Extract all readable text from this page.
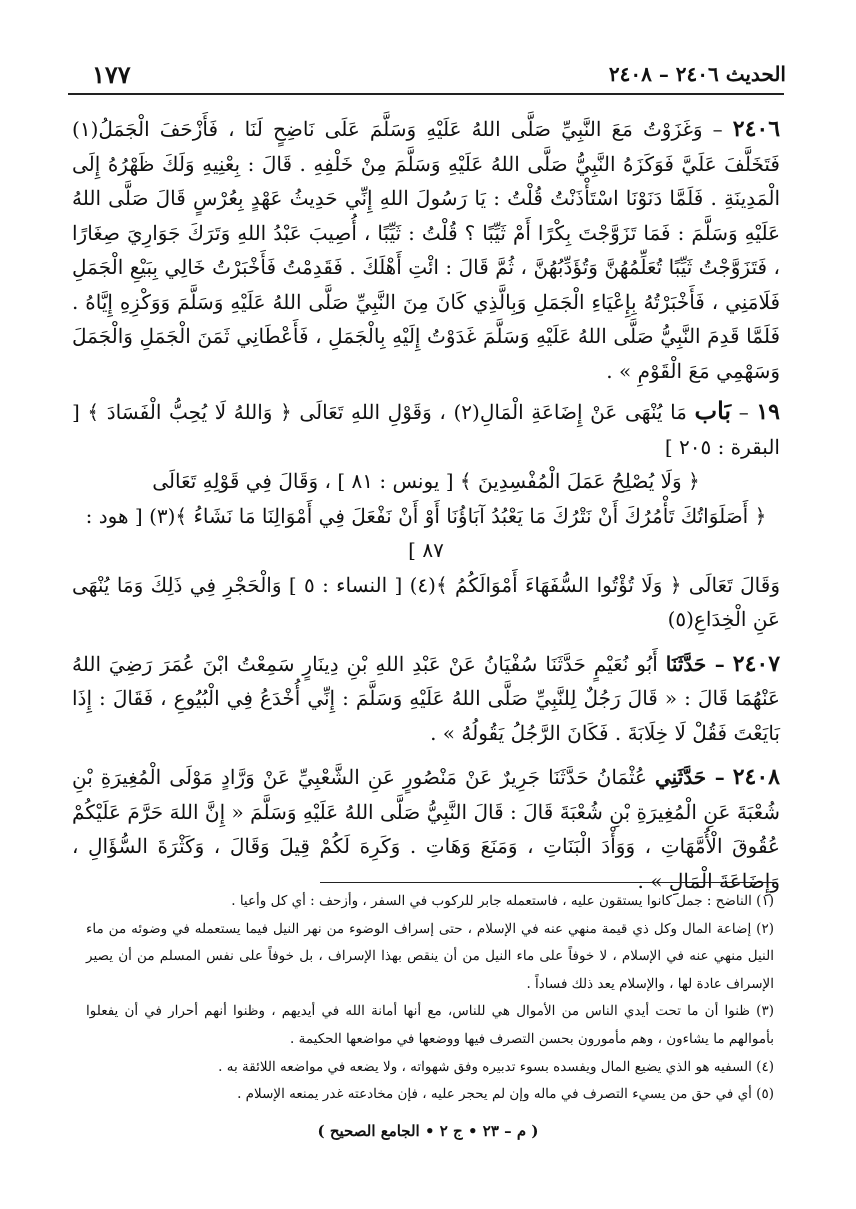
الحديث ٢٤٠٦ – ٢٤٠٨
١٧٧

٢٤٠٦ – وَغَزَوْتُ مَعَ النَّبِيِّ صَلَّى اللهُ عَلَيْهِ وَسَلَّمَ عَلَى نَاضِحٍ لَنَا ، فَأَزْحَفَ الْجَمَلُ(١) فَتَخَلَّفَ عَلَيَّ فَوَكَزَهُ النَّبِيُّ صَلَّى اللهُ عَلَيْهِ وَسَلَّمَ مِنْ خَلْفِهِ . قَالَ : بِعْنِيهِ وَلَكَ ظَهْرُهُ إِلَى الْمَدِينَةِ . فَلَمَّا دَنَوْنَا اسْتَأْذَنْتُ قُلْتُ : يَا رَسُولَ اللهِ إِنِّي حَدِيثُ عَهْدٍ بِعُرْسٍ قَالَ صَلَّى اللهُ عَلَيْهِ وَسَلَّمَ : فَمَا تَزَوَّجْتَ بِكْرًا أَمْ ثَيِّبًا ؟ قُلْتُ : ثَيِّبًا ، أُصِيبَ عَبْدُ اللهِ وَتَرَكَ جَوَارِيَ صِغَارًا ، فَتَزَوَّجْتُ ثَيِّبًا تُعَلِّمُهُنَّ وَتُؤَدِّبُهُنَّ ، ثُمَّ قَالَ : ائْتِ أَهْلَكَ . فَقَدِمْتُ فَأَخْبَرْتُ خَالِي بِبَيْعِ الْجَمَلِ فَلَامَنِي ، فَأَخْبَرْتُهُ بِإِعْيَاءِ الْجَمَلِ وَبِالَّذِي كَانَ مِنَ النَّبِيِّ صَلَّى اللهُ عَلَيْهِ وَسَلَّمَ وَوَكْزِهِ إِيَّاهُ . فَلَمَّا قَدِمَ النَّبِيُّ صَلَّى اللهُ عَلَيْهِ وَسَلَّمَ غَدَوْتُ إِلَيْهِ بِالْجَمَلِ ، فَأَعْطَانِي ثَمَنَ الْجَمَلِ وَالْجَمَلَ وَسَهْمِي مَعَ الْقَوْمِ » .

١٩ – بَاب مَا يُنْهَى عَنْ إِضَاعَةِ الْمَالِ(٢) ، وَقَوْلِ اللهِ تَعَالَى ﴿ وَاللهُ لَا يُحِبُّ الْفَسَادَ ﴾ [ البقرة : ٢٠٥ ]

﴿ وَلَا يُصْلِحُ عَمَلَ الْمُفْسِدِينَ ﴾ [ يونس : ٨١ ] ، وَقَالَ فِي قَوْلِهِ تَعَالَى

﴿ أَصَلَوَاتُكَ تَأْمُرُكَ أَنْ نَتْرُكَ مَا يَعْبُدُ آبَاؤُنَا أَوْ أَنْ نَفْعَلَ فِي أَمْوَالِنَا مَا نَشَاءُ ﴾(٣) [ هود : ٨٧ ]

وَقَالَ تَعَالَى ﴿ وَلَا تُؤْتُوا السُّفَهَاءَ أَمْوَالَكُمُ ﴾(٤) [ النساء : ٥ ] وَالْحَجْرِ فِي ذَلِكَ وَمَا يُنْهَى عَنِ الْخِدَاعِ(٥)

٢٤٠٧ – حَدَّثَنَا أَبُو نُعَيْمٍ حَدَّثَنَا سُفْيَانُ عَنْ عَبْدِ اللهِ بْنِ دِينَارٍ سَمِعْتُ ابْنَ عُمَرَ رَضِيَ اللهُ عَنْهُمَا قَالَ : « قَالَ رَجُلٌ لِلنَّبِيِّ صَلَّى اللهُ عَلَيْهِ وَسَلَّمَ : إِنِّي أُخْدَعُ فِي الْبُيُوعِ ، فَقَالَ : إِذَا بَايَعْتَ فَقُلْ لَا خِلَابَةَ . فَكَانَ الرَّجُلُ يَقُولُهُ » .

٢٤٠٨ – حَدَّثَنِي عُثْمَانُ حَدَّثَنَا جَرِيرٌ عَنْ مَنْصُورٍ عَنِ الشَّعْبِيِّ عَنْ وَرَّادٍ مَوْلَى الْمُغِيرَةِ بْنِ شُعْبَةَ عَنِ الْمُغِيرَةِ بْنِ شُعْبَةَ قَالَ : قَالَ النَّبِيُّ صَلَّى اللهُ عَلَيْهِ وَسَلَّمَ « إِنَّ اللهَ حَرَّمَ عَلَيْكُمْ عُقُوقَ الْأُمَّهَاتِ ، وَوَأْدَ الْبَنَاتِ ، وَمَنَعَ وَهَاتِ . وَكَرِهَ لَكُمْ قِيلَ وَقَالَ ، وَكَثْرَةَ السُّؤَالِ ، وَإِضَاعَةَ الْمَالِ » .

(١) الناضح : جمل كانوا يستقون عليه ، فاستعمله جابر للركوب في السفر ، وأزحف : أي كل وأعيا .

(٢) إضاعة المال وكل ذي قيمة منهي عنه في الإسلام ، حتى إسراف الوضوء من نهر النيل فيما يستعمله في وضوئه من ماء النيل منهي عنه في الإسلام ، لا خوفاً على ماء النيل من أن ينقص بهذا الإسراف ، بل خوفاً على نفس المسلم من أن يصير الإسراف عادة لها ، والإسلام يعد ذلك فساداً .

(٣) ظنوا أن ما تحت أيدي الناس من الأموال هي للناس، مع أنها أمانة الله في أيديهم ، وظنوا أنهم أحرار في أن يفعلوا بأموالهم ما يشاءون ، وهم مأمورون بحسن التصرف فيها ووضعها في مواضعها الحكيمة .

(٤) السفيه هو الذي يضيع المال ويفسده بسوء تدبيره وفق شهواته ، ولا يضعه في مواضعه اللائقة به .

(٥) أي في حق من يسيء التصرف في ماله وإن لم يحجر عليه ، فإن مخادعته غدر يمنعه الإسلام .

( م – ٢٣ • ج ٢ • الجامع الصحيح )
